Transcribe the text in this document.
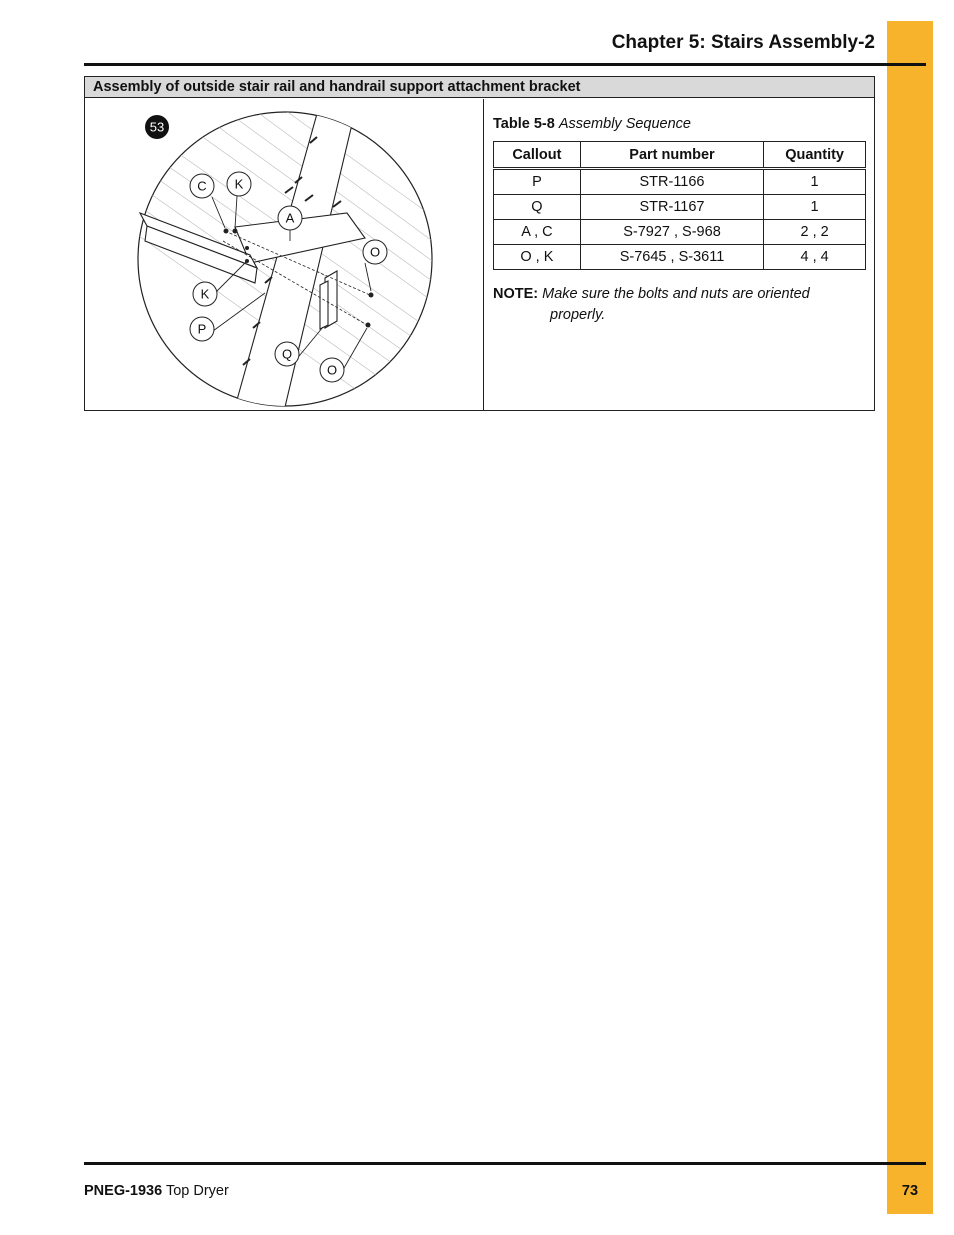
Chapter 5: Stairs Assembly-2
Assembly of outside stair rail and handrail support attachment bracket
53
C K
A
O
K
P
Q
O
Table 5-8 Assembly Sequence
Callout	Part number	Quantity
P	STR-1166	1
Q	STR-1167	1
A , C	S-7927 , S-968	2 , 2
O , K	S-7645 , S-3611	4 , 4
NOTE: Make sure the bolts and nuts are oriented
properly.
PNEG-1936 Top Dryer	73
